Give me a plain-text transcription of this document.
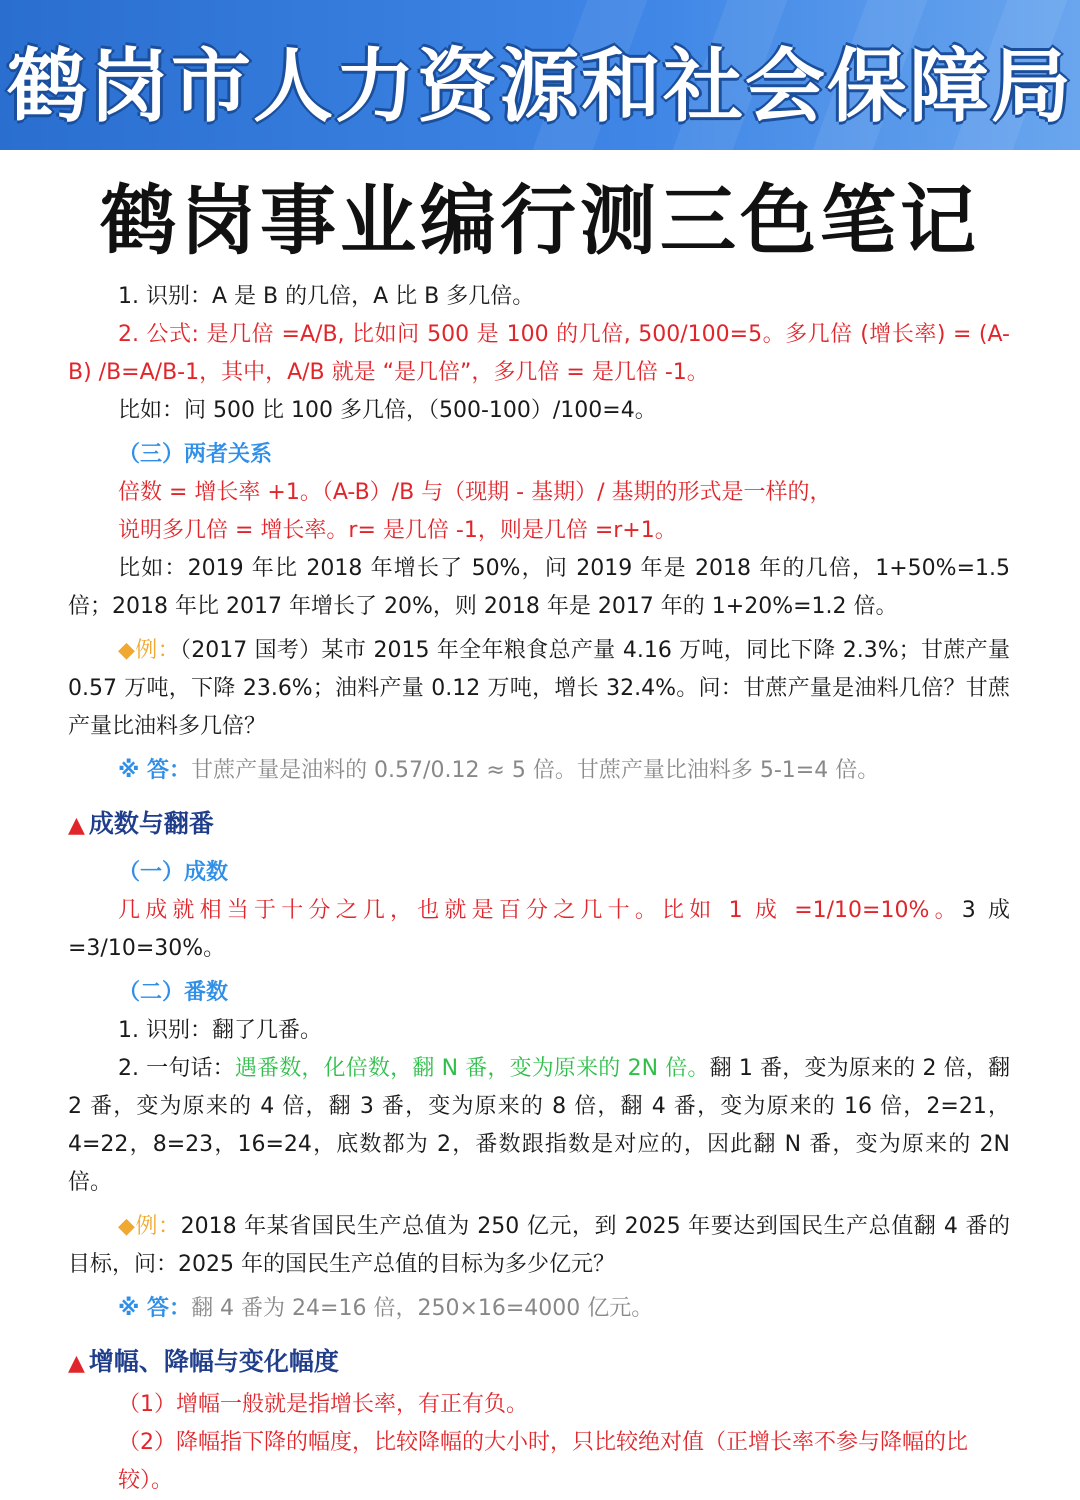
鹤岗市人力资源和社会保障局
鹤岗事业编行测三色笔记

1. 识别：A 是 B 的几倍，A 比 B 多几倍。

2. 公式: 是几倍 =A/B, 比如问 500 是 100 的几倍, 500/100=5。多几倍 (增长率) = (A-B) /B=A/B-1，其中，A/B 就是 “是几倍”，多几倍 = 是几倍 -1。

比如：问 500 比 100 多几倍，（500-100）/100=4。

（三）两者关系

倍数 = 增长率 +1。（A-B）/B 与（现期 - 基期）/ 基期的形式是一样的，

说明多几倍 = 增长率。r= 是几倍 -1，则是几倍 =r+1。

比如：2019 年比 2018 年增长了 50%，问 2019 年是 2018 年的几倍，1+50%=1.5 倍；2018 年比 2017 年增长了 20%，则 2018 年是 2017 年的 1+20%=1.2 倍。

◆例：（2017 国考）某市 2015 年全年粮食总产量 4.16 万吨，同比下降 2.3%；甘蔗产量 0.57 万吨，下降 23.6%；油料产量 0.12 万吨，增长 32.4%。问：甘蔗产量是油料几倍？甘蔗产量比油料多几倍？

※ 答：甘蔗产量是油料的 0.57/0.12 ≈ 5 倍。甘蔗产量比油料多 5-1=4 倍。

▲ 成数与翻番

（一）成数

几成就相当于十分之几，也就是百分之几十。比如 1 成 =1/10=10%。3 成 =3/10=30%。

（二）番数

1. 识别：翻了几番。

2. 一句话：遇番数，化倍数，翻 N 番，变为原来的 2N 倍。翻 1 番，变为原来的 2 倍，翻 2 番，变为原来的 4 倍，翻 3 番，变为原来的 8 倍，翻 4 番，变为原来的 16 倍，2=21，4=22，8=23，16=24，底数都为 2，番数跟指数是对应的，因此翻 N 番，变为原来的 2N 倍。

◆例：2018 年某省国民生产总值为 250 亿元，到 2025 年要达到国民生产总值翻 4 番的目标，问：2025 年的国民生产总值的目标为多少亿元？

※ 答：翻 4 番为 24=16 倍，250×16=4000 亿元。

▲ 增幅、降幅与变化幅度

（1）增幅一般就是指增长率，有正有负。

（2）降幅指下降的幅度，比较降幅的大小时，只比较绝对值（正增长率不参与降幅的比较）。
